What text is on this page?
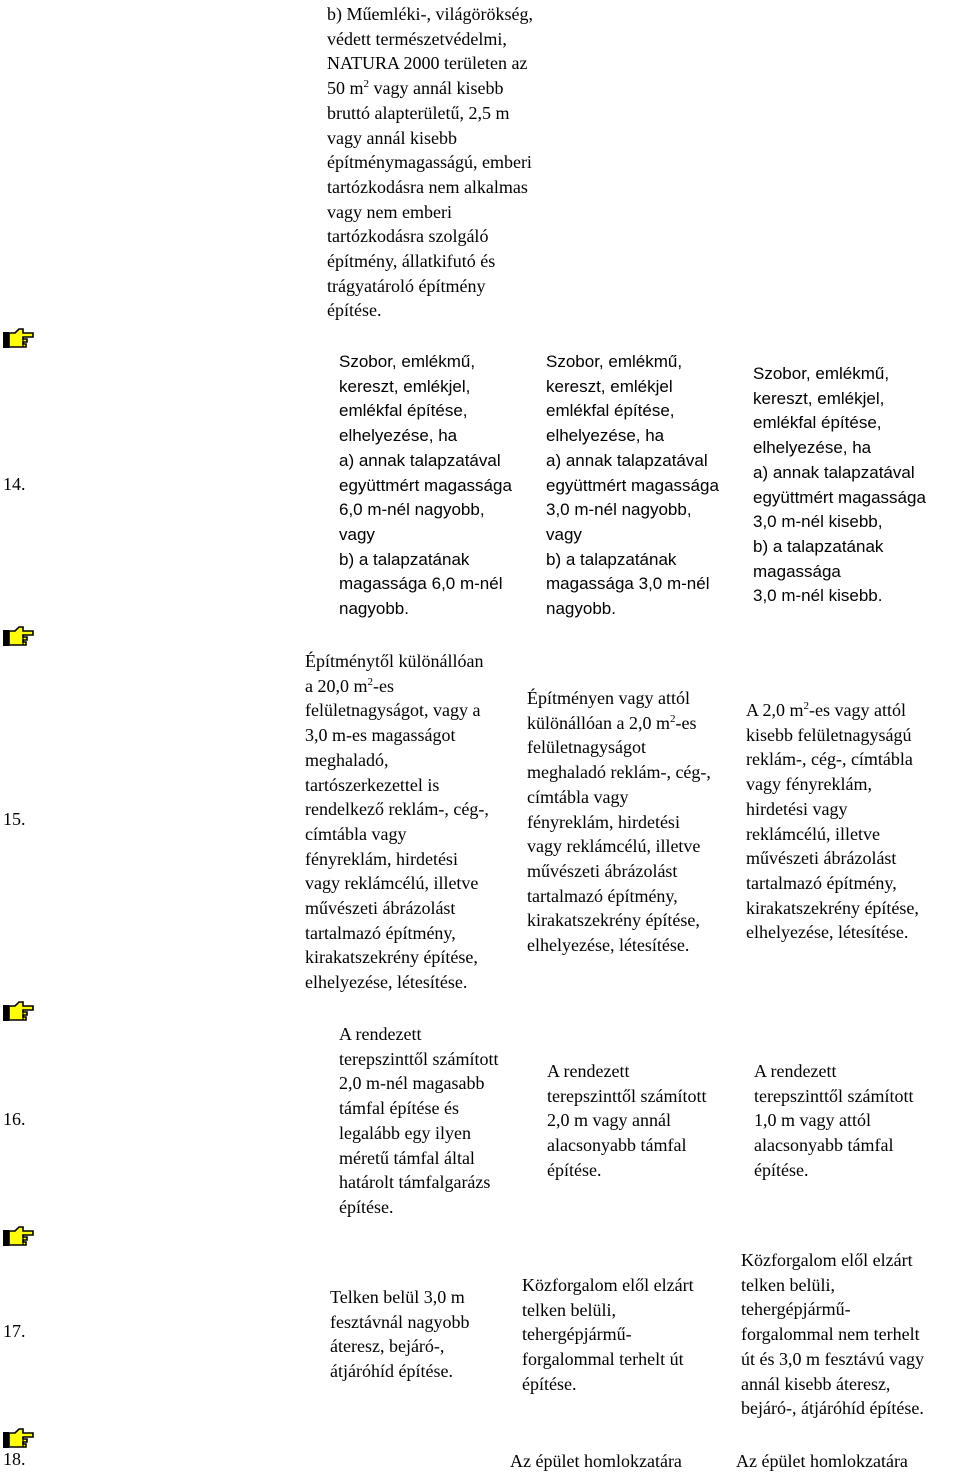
b) Műemléki-, világörökség,
védett természetvédelmi,
NATURA 2000 területen az
50 $m^2$ vagy annál kisebb
bruttó alapterületű, 2,5 m
vagy annál kisebb
építménymagasságú, emberi
tartózkodásra nem alkalmas
vagy nem emberi
tartózkodásra szolgáló
építmény, állatkifutó és
trágyatároló építmény
építése.
14.
Szobor, emlékmű,
kereszt, emlékjel,
emlékfal építése,
elhelyezése, ha
a) annak talapzatával
együttmért magassága
6,0 m-nél nagyobb,
vagy
b) a talapzatának
magassága 6,0 m-nél
nagyobb.
Szobor, emlékmű,
kereszt, emlékjel
emlékfal építése,
elhelyezése, ha
a) annak talapzatával
együttmért magassága
3,0 m-nél nagyobb,
vagy
b) a talapzatának
magassága 3,0 m-nél
nagyobb.
Szobor, emlékmű,
kereszt, emlékjel,
emlékfal építése,
elhelyezése, ha
a) annak talapzatával
együttmért magassága
3,0 m-nél kisebb,
b) a talapzatának
magassága
3,0 m-nél kisebb.
15.
Építménytől különállóan
a 20,0 $m^2-es$
felületnagyságot, vagy a
3,0 m-es magasságot
meghaladó,
tartószerkezettel is
rendelkező reklám-, cég-,
címtábla vagy
fényreklám, hirdetési
vagy reklámcélú, illetve
művészeti ábrázolást
tartalmazó építmény,
kirakatszekrény építése,
elhelyezése, létesítése.
Építményen vagy attól
különállóan a 2,0 $m^2-es$
felületnagyságot
meghaladó reklám-, cég-,
címtábla vagy
fényreklám, hirdetési
vagy reklámcélú, illetve
művészeti ábrázolást
tartalmazó építmény,
kirakatszekrény építése,
elhelyezése, létesítése.
A 2,0 $m^2-es$ vagy attól
kisebb felületnagyságú
reklám-, cég-, címtábla
vagy fényreklám,
hirdetési vagy
reklámcélú, illetve
művészeti ábrázolást
tartalmazó építmény,
kirakatszekrény építése,
elhelyezése, létesítése.
16.
A rendezett
terepszinttől számított
2,0 m-nél magasabb
támfal építése és
legalább egy ilyen
méretű támfal által
határolt támfalgarázs
építése.
A rendezett
terepszinttől számított
2,0 m vagy annál
alacsonyabb támfal
építése.
A rendezett
terepszinttől számított
1,0 m vagy attól
alacsonyabb támfal
építése.
17.
Telken belül 3,0 m
fesztávnál nagyobb
áteresz, bejáró-,
átjáróhíd építése.
Közforgalom elől elzárt
telken belüli,
tehergépjármű-
forgalommal terhelt út
építése.
Közforgalom elől elzárt
telken belüli,
tehergépjármű-
forgalommal nem terhelt
út és 3,0 m fesztávú vagy
annál kisebb áteresz,
bejáró-, átjáróhíd építése.
18.	Az épület homlokzatára	Az épület homlokzatára
